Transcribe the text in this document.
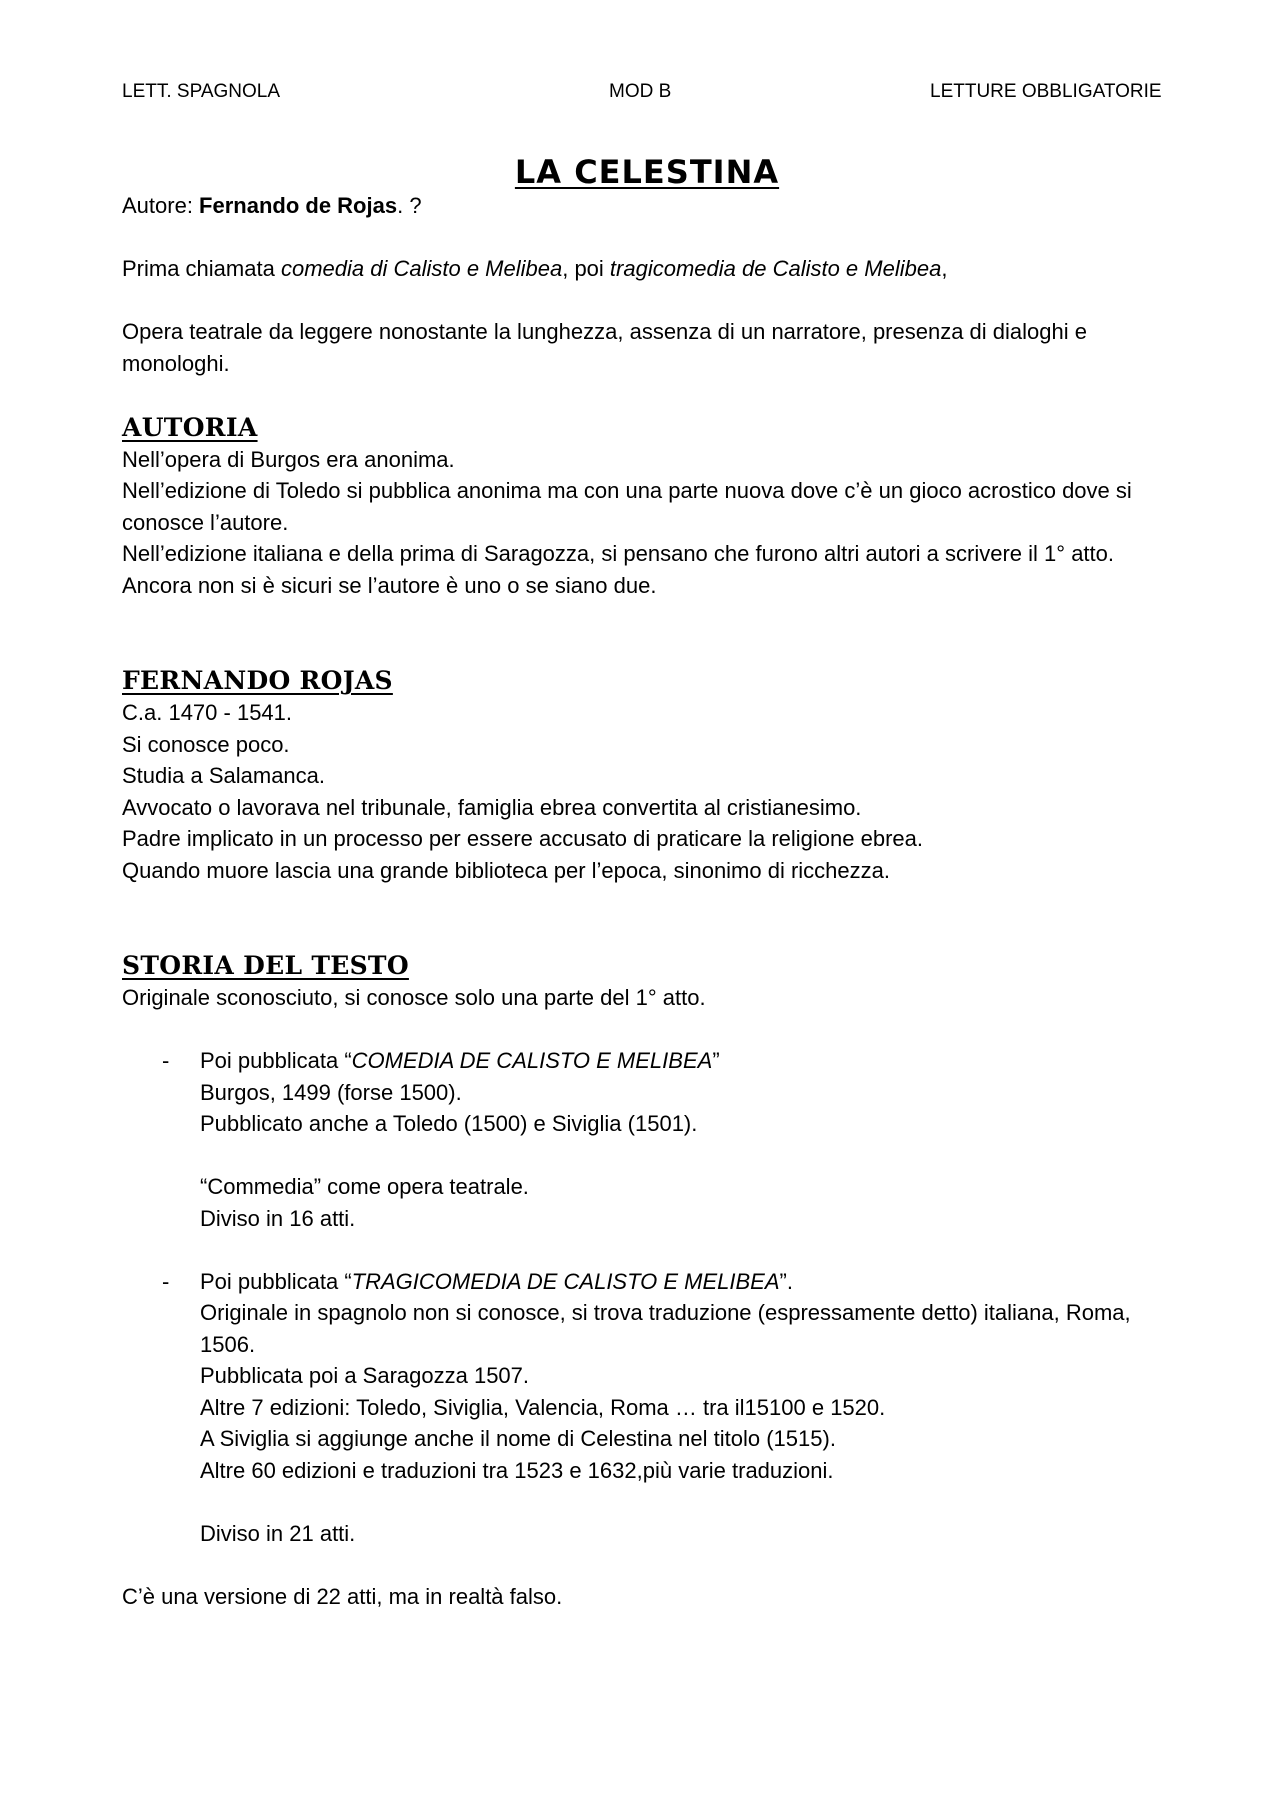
LETT. SPAGNOLA	MOD B	LETTURE OBBLIGATORIE
LA CELESTINA

Autore: Fernando de Rojas. ?

Prima chiamata comedia di Calisto e Melibea, poi tragicomedia de Calisto e Melibea,

Opera teatrale da leggere nonostante la lunghezza, assenza di un narratore, presenza di dialoghi e monologhi.

AUTORIA

Nell’opera di Burgos era anonima.

Nell’edizione di Toledo si pubblica anonima ma con una parte nuova dove c’è un gioco acrostico dove si conosce l’autore.

Nell’edizione italiana e della prima di Saragozza, si pensano che furono altri autori a scrivere il 1° atto.

Ancora non si è sicuri se l’autore è uno o se siano due.

FERNANDO ROJAS

C.a. 1470 - 1541.

Si conosce poco.

Studia a Salamanca.

Avvocato o lavorava nel tribunale, famiglia ebrea convertita al cristianesimo.

Padre implicato in un processo per essere accusato di praticare la religione ebrea.

Quando muore lascia una grande biblioteca per l’epoca, sinonimo di ricchezza.

STORIA DEL TESTO

Originale sconosciuto, si conosce solo una parte del 1° atto.

- Poi pubblicata “COMEDIA DE CALISTO E MELIBEA”

Burgos, 1499 (forse 1500).

Pubblicato anche a Toledo (1500) e Siviglia (1501).

“Commedia” come opera teatrale.

Diviso in 16 atti.

- Poi pubblicata “TRAGICOMEDIA DE CALISTO E MELIBEA”.

Originale in spagnolo non si conosce, si trova traduzione (espressamente detto) italiana, Roma, 1506.

Pubblicata poi a Saragozza 1507.

Altre 7 edizioni: Toledo, Siviglia, Valencia, Roma … tra il15100 e 1520.

A Siviglia si aggiunge anche il nome di Celestina nel titolo (1515).

Altre 60 edizioni e traduzioni tra 1523 e 1632,più varie traduzioni.

Diviso in 21 atti.

C’è una versione di 22 atti, ma in realtà falso.
